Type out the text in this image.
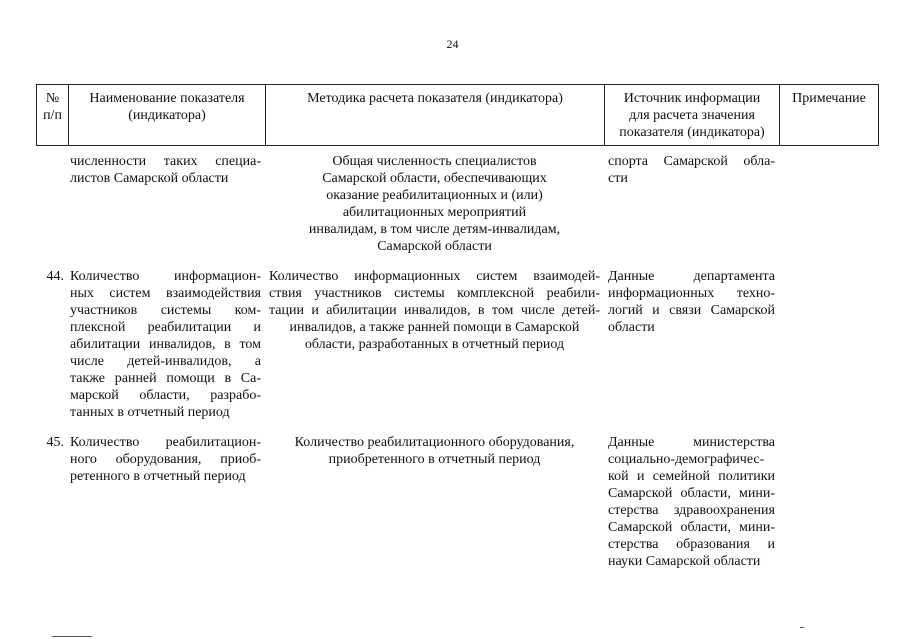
24
№
п/п
Наименование показателя
(индикатора)
Методика расчета показателя (индикатора)	Источник информации
для расчета значения
показателя (индикатора)
Примечание
численности таких специа-
листов Самарской области
Общая численность специалистов
Самарской области, обеспечивающих
оказание реабилитационных и (или)
абилитационных мероприятий
инвалидам, в том числе детям-инвалидам,
Самарской области
спорта Самарской обла-
сти
44. Количество информацион-
ных систем взаимодействия
участников системы ком-
плексной реабилитации и
абилитации инвалидов, в том
числе детей-инвалидов, а
также ранней помощи в Са-
марской области, разрабо-
танных в отчетный период
Количество информационных систем взаимодей-
ствия участников системы комплексной реабили-
тации и абилитации инвалидов, в том числе детей-
инвалидов, а также ранней помощи в Самарской
области, разработанных в отчетный период
Данные департамента
информационных техно-
логий и связи Самарской
области
45. Количество реабилитацион-
ного оборудования, приоб-
ретенного в отчетный период
Количество реабилитационного оборудования,
приобретенного в отчетный период
Данные министерства
социально-демографичес-
кой и семейной политики
Самарской области, мини-
стерства здравоохранения
Самарской области, мини-
стерства образования и
науки Самарской области
